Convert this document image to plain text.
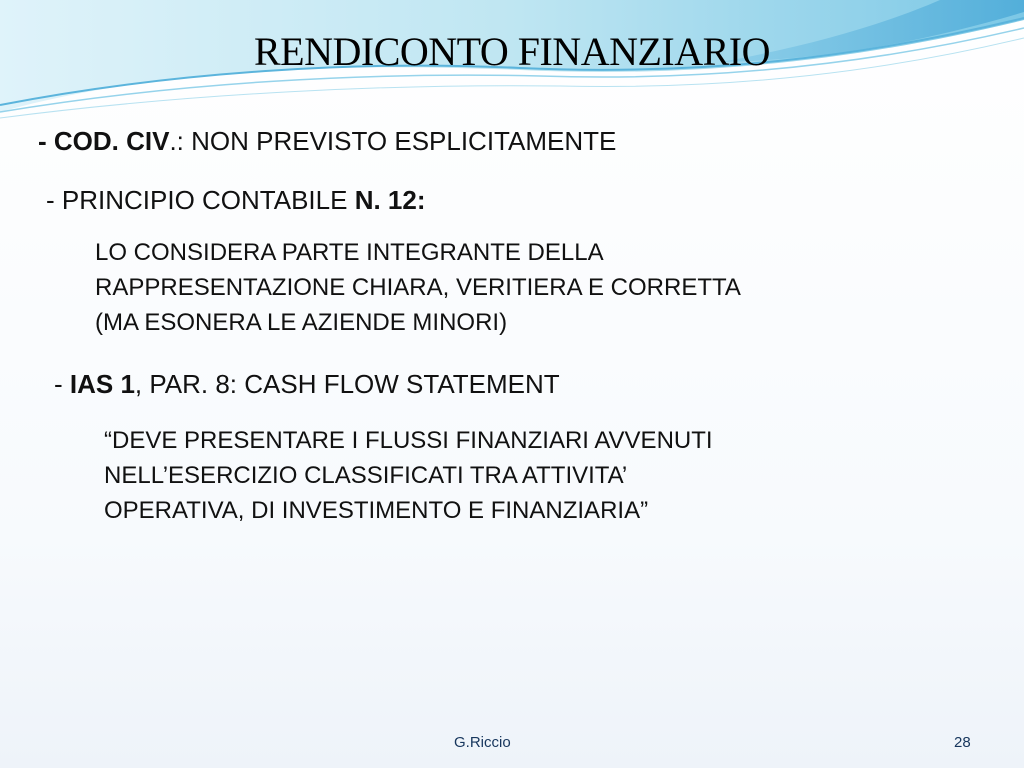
RENDICONTO FINANZIARIO
- COD. CIV.: NON PREVISTO ESPLICITAMENTE
- PRINCIPIO CONTABILE N. 12:
LO CONSIDERA PARTE INTEGRANTE DELLA
RAPPRESENTAZIONE CHIARA, VERITIERA E CORRETTA
(MA ESONERA LE AZIENDE MINORI)
- IAS 1, PAR. 8: CASH FLOW STATEMENT
“DEVE PRESENTARE I FLUSSI FINANZIARI AVVENUTI
NELL’ESERCIZIO CLASSIFICATI TRA ATTIVITA’
OPERATIVA, DI INVESTIMENTO E FINANZIARIA”
G.Riccio	28
